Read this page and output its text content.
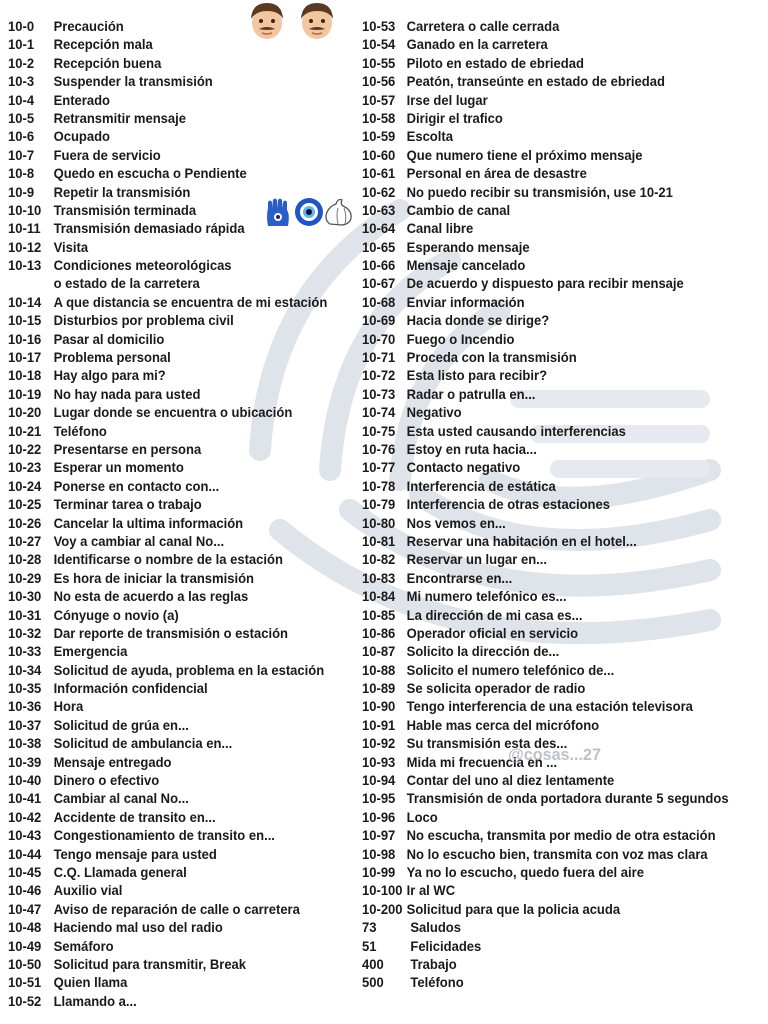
10-0 Precaución
10-1 Recepción mala
10-2 Recepción buena
10-3 Suspender la transmisión
10-4 Enterado
10-5 Retransmitir mensaje
10-6 Ocupado
10-7 Fuera de servicio
10-8 Quedo en escucha o Pendiente
10-9 Repetir la transmisión
10-10 Transmisión terminada
10-11 Transmisión demasiado rápida
10-12 Visita
10-13 Condiciones meteorológicas
o estado de la carretera
10-14 A que distancia se encuentra de mi estación
10-15 Disturbios por problema civil
10-16 Pasar al domicilio
10-17 Problema personal
10-18 Hay algo para mi?
10-19 No hay nada para usted
10-20 Lugar donde se encuentra o ubicación
10-21 Teléfono
10-22 Presentarse en persona
10-23 Esperar un momento
10-24 Ponerse en contacto con...
10-25 Terminar tarea o trabajo
10-26 Cancelar la ultima información
10-27 Voy a cambiar al canal No...
10-28 Identificarse o nombre de la estación
10-29 Es hora de iniciar la transmisión
10-30 No esta de acuerdo a las reglas
10-31 Cónyuge o novio (a)
10-32 Dar reporte de transmisión o estación
10-33 Emergencia
10-34 Solicitud de ayuda, problema en la estación
10-35 Información confidencial
10-36 Hora
10-37 Solicitud de grúa en...
10-38 Solicitud de ambulancia en...
10-39 Mensaje entregado
10-40 Dinero o efectivo
10-41 Cambiar al canal No...
10-42 Accidente de transito en...
10-43 Congestionamiento de transito en...
10-44 Tengo mensaje para usted
10-45 C.Q. Llamada general
10-46 Auxilio vial
10-47 Aviso de reparación de calle o carretera
10-48 Haciendo mal uso del radio
10-49 Semáforo
10-50 Solicitud para transmitir, Break
10-51 Quien llama
10-52 Llamando a...
10-53 Carretera o calle cerrada
10-54 Ganado en la carretera
10-55 Piloto en estado de ebriedad
10-56 Peatón, transeúnte en estado de ebriedad
10-57 Irse del lugar
10-58 Dirigir el trafico
10-59 Escolta
10-60 Que numero tiene el próximo mensaje
10-61 Personal en área de desastre
10-62 No puedo recibir su transmisión, use 10-21
10-63 Cambio de canal
10-64 Canal libre
10-65 Esperando mensaje
10-66 Mensaje cancelado
10-67 De acuerdo y dispuesto para recibir mensaje
10-68 Enviar información
10-69 Hacia donde se dirige?
10-70 Fuego o Incendio
10-71 Proceda con la transmisión
10-72 Esta listo para recibir?
10-73 Radar o patrulla en...
10-74 Negativo
10-75 Esta usted causando interferencias
10-76 Estoy en ruta hacia...
10-77 Contacto negativo
10-78 Interferencia de estática
10-79 Interferencia de otras estaciones
10-80 Nos vemos en...
10-81 Reservar una habitación en el hotel...
10-82 Reservar un lugar en...
10-83 Encontrarse en...
10-84 Mi numero telefónico es...
10-85 La dirección de mi casa es...
10-86 Operador oficial en servicio
10-87 Solicito la dirección de...
10-88 Solicito el numero telefónico de...
10-89 Se solicita operador de radio
10-90 Tengo interferencia de una estación televisora
10-91 Hable mas cerca del micrófono
10-92 Su transmisión esta des...
10-93 Mida mi frecuencia en ...
10-94 Contar del uno al diez lentamente
10-95 Transmisión de onda portadora durante 5 segundos
10-96 Loco
10-97 No escucha, transmita por medio de otra estación
10-98 No lo escucho bien, transmita con voz mas clara
10-99 Ya no lo escucho, quedo fuera del aire
10-100 Ir al WC
10-200 Solicitud para que la policia acuda
73 Saludos
51 Felicidades
400 Trabajo
500 Teléfono
@cosas...27
